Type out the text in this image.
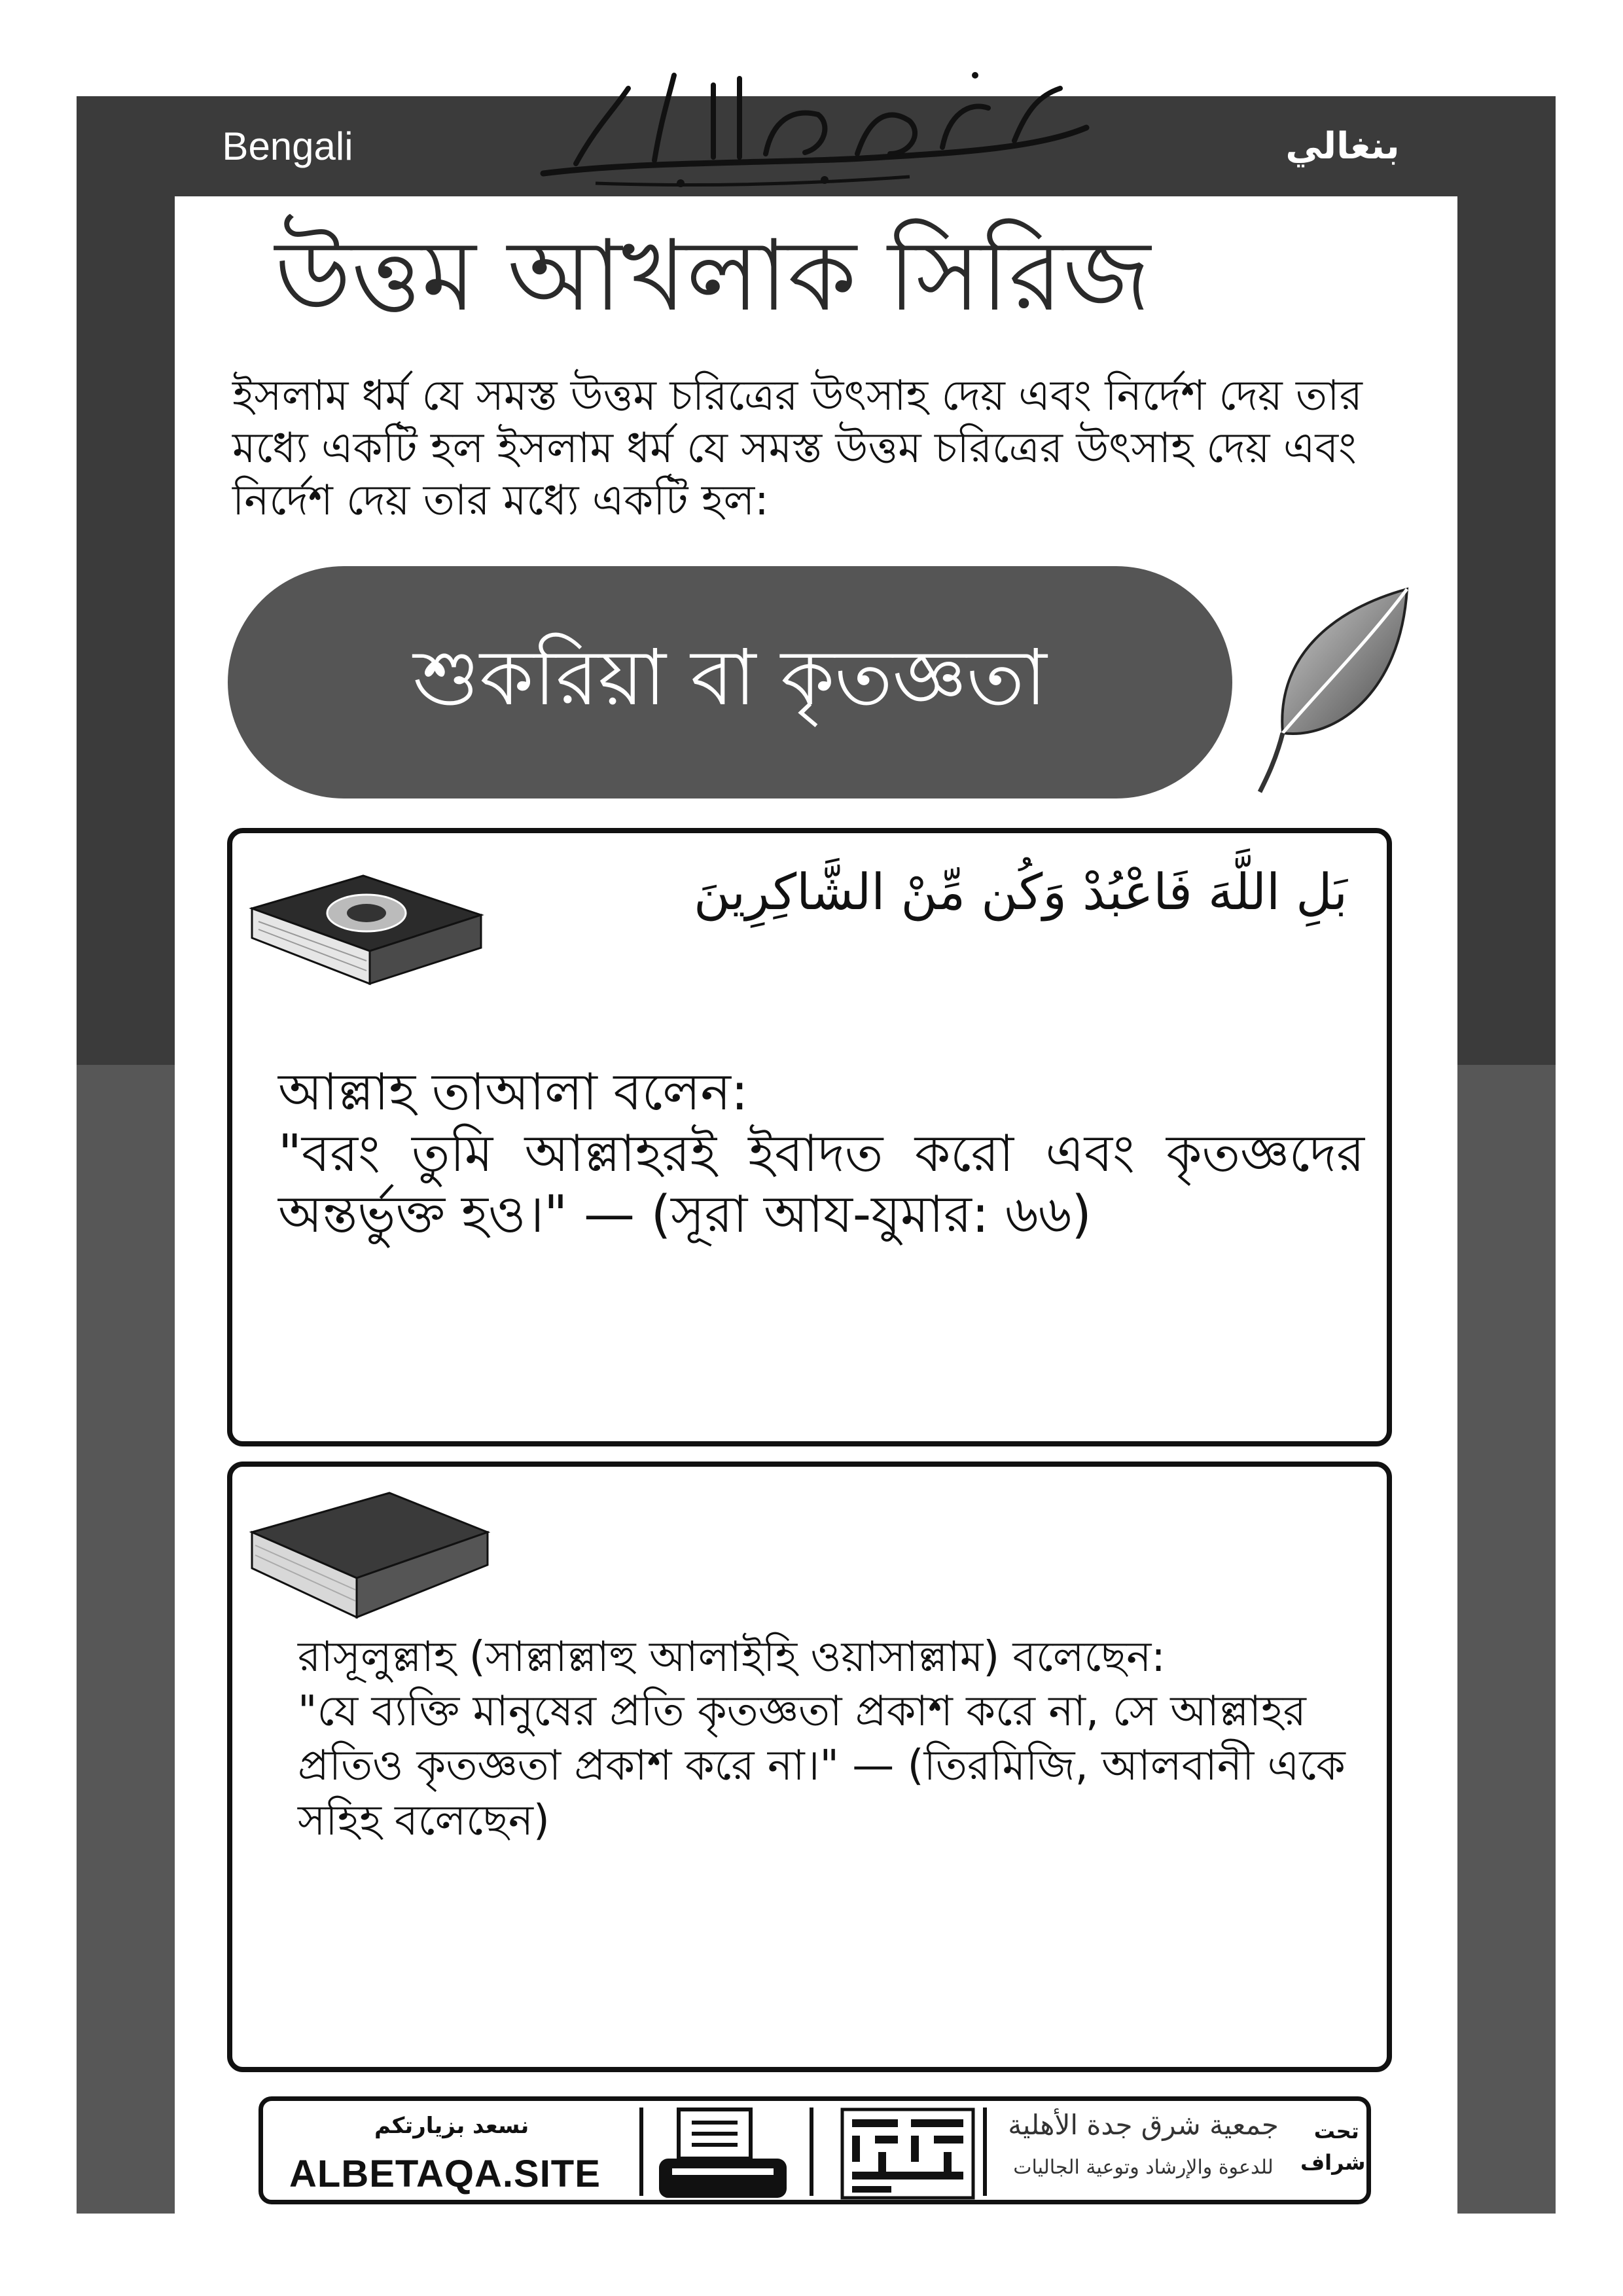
Bengali	بنغالي
উত্তম আখলাক সিরিজ
ইসলাম ধর্ম যে সমস্ত উত্তম চরিত্রের উৎসাহ দেয় এবং নির্দেশ দেয় তার মধ্যে একটি হল ইসলাম ধর্ম যে সমস্ত উত্তম চরিত্রের উৎসাহ দেয় এবং নির্দেশ দেয় তার মধ্যে একটি হল:
শুকরিয়া বা কৃতজ্ঞতা
بَلِ اللَّهَ فَاعْبُدْ وَكُن مِّنْ الشَّاكِرِينَ
আল্লাহ তাআলা বলেন:
"বরং তুমি আল্লাহরই ইবাদত করো এবং কৃতজ্ঞদের অন্তর্ভুক্ত হও।" — (সূরা আয-যুমার: ৬৬)
রাসূলুল্লাহ (সাল্লাল্লাহু আলাইহি ওয়াসাল্লাম) বলেছেন:
"যে ব্যক্তি মানুষের প্রতি কৃতজ্ঞতা প্রকাশ করে না, সে আল্লাহর প্রতিও কৃতজ্ঞতা প্রকাশ করে না।" — (তিরমিজি, আলবানী একে সহিহ বলেছেন)
نسعد بزيارتكم
ALBETAQA.SITE
جمعية شرق جدة الأهلية
للدعوة والإرشاد وتوعية الجاليات
تحت
اشراف
